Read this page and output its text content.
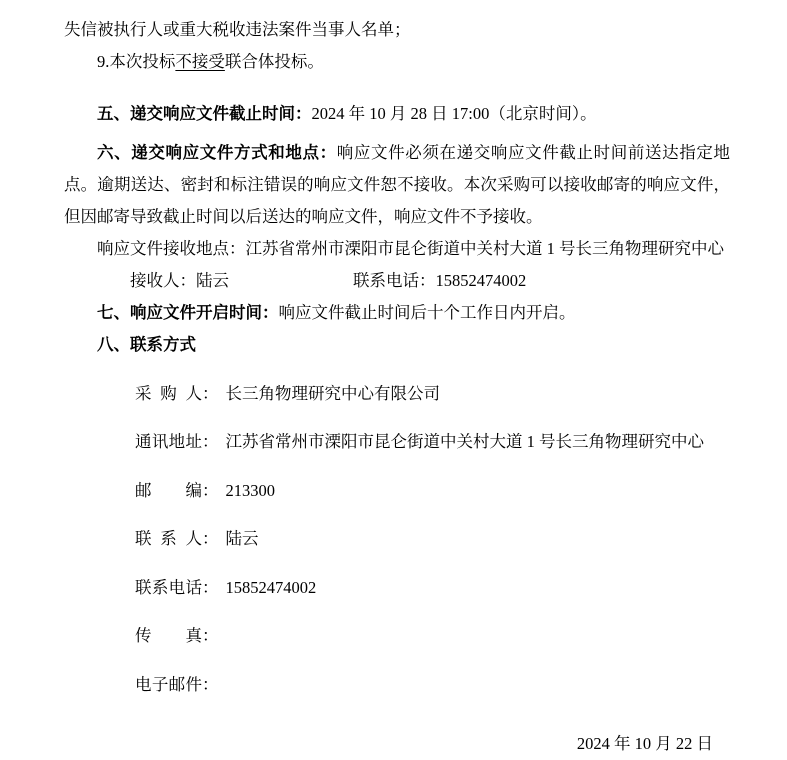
失信被执行人或重大税收违法案件当事人名单；

9.本次投标不接受联合体投标。

五、递交响应文件截止时间：2024 年 10 月 28 日 17:00（北京时间）。

六、递交响应文件方式和地点：响应文件必须在递交响应文件截止时间前送达指定地点。逾期送达、密封和标注错误的响应文件恕不接收。本次采购可以接收邮寄的响应文件，但因邮寄导致截止时间以后送达的响应文件，响应文件不予接收。

响应文件接收地点：江苏省常州市溧阳市昆仑街道中关村大道 1 号长三角物理研究中心

接收人：陆云	联系电话：15852474002

七、响应文件开启时间：响应文件截止时间后十个工作日内开启。

八、联系方式

采购人： 长三角物理研究中心有限公司

通讯地址： 江苏省常州市溧阳市昆仑街道中关村大道 1 号长三角物理研究中心

邮编： 213300

联系人： 陆云

联系电话： 15852474002

传真：

电子邮件：

2024 年 10 月 22 日
